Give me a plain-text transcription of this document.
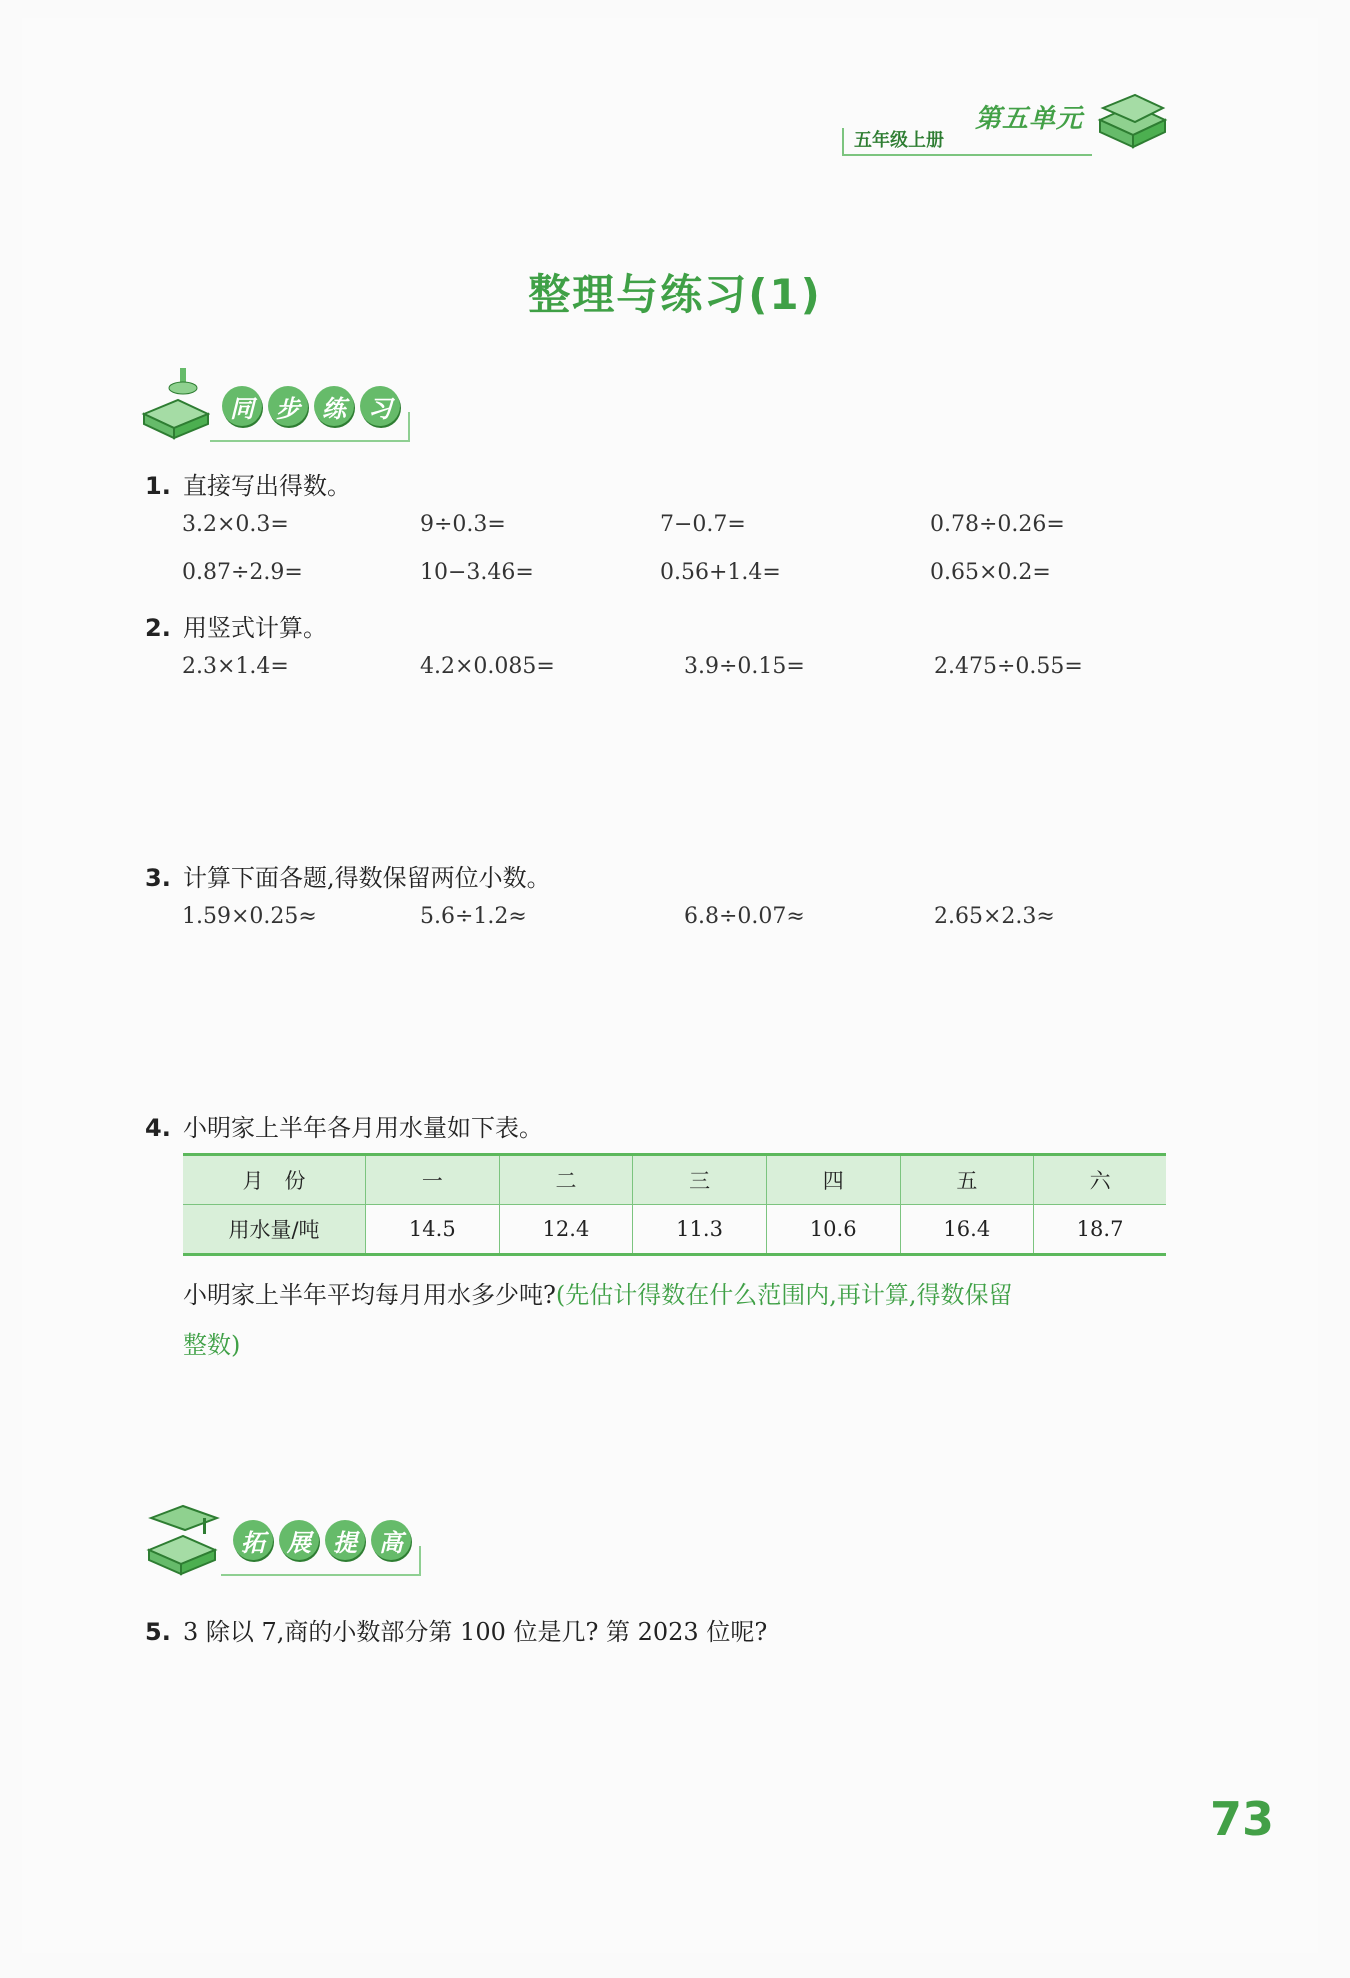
五年级上册
第五单元
整理与练习(1)
同 步 练 习
1. 直接写出得数。
3.2×0.3=	9÷0.3=	7−0.7=	0.78÷0.26=
0.87÷2.9=	10−3.46=	0.56+1.4=	0.65×0.2=
2. 用竖式计算。
2.3×1.4=	4.2×0.085=	3.9÷0.15=	2.475÷0.55=
3. 计算下面各题,得数保留两位小数。
1.59×0.25≈	5.6÷1.2≈	6.8÷0.07≈	2.65×2.3≈
4. 小明家上半年各月用水量如下表。
月　份	一	二	三	四	五	六
用水量/吨	14.5	12.4	11.3	10.6	16.4	18.7
小明家上半年平均每月用水多少吨?(先估计得数在什么范围内,再计算,得数保留
整数)
拓 展 提 高
5. 3 除以 7,商的小数部分第 100 位是几? 第 2023 位呢?
73
